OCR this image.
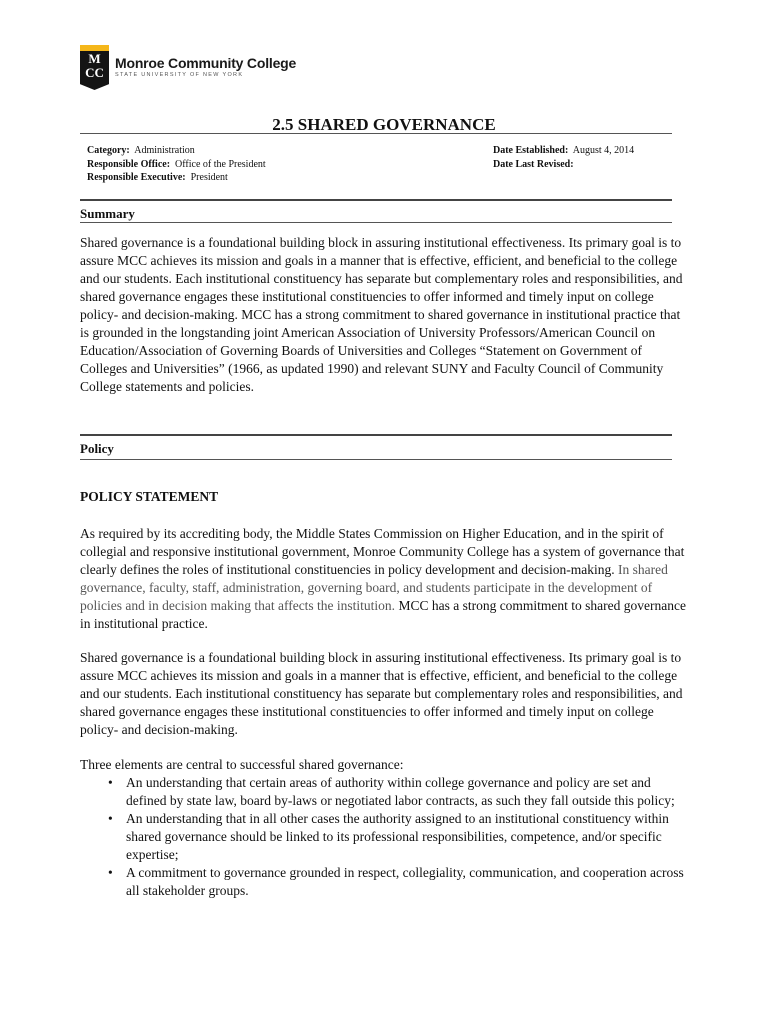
M
CC
Monroe Community College
STATE UNIVERSITY OF NEW YORK
2.5 SHARED GOVERNANCE
Category: Administration
Responsible Office: Office of the President
Responsible Executive: President
Date Established: August 4, 2014
Date Last Revised:
Summary

Shared governance is a foundational building block in assuring institutional effectiveness. Its primary goal is to assure MCC achieves its mission and goals in a manner that is effective, efficient, and beneficial to the college and our students. Each institutional constituency has separate but complementary roles and responsibilities, and shared governance engages these institutional constituencies to offer informed and timely input on college policy- and decision-making. MCC has a strong commitment to shared governance in institutional practice that is grounded in the longstanding joint American Association of University Professors/American Council on Education/Association of Governing Boards of Universities and Colleges “Statement on Government of Colleges and Universities” (1966, as updated 1990) and relevant SUNY and Faculty Council of Community College statements and policies.

Policy
POLICY STATEMENT

As required by its accrediting body, the Middle States Commission on Higher Education, and in the spirit of collegial and responsive institutional government, Monroe Community College has a system of governance that clearly defines the roles of institutional constituencies in policy development and decision-making. In shared governance, faculty, staff, administration, governing board, and students participate in the development of policies and in decision making that affects the institution. MCC has a strong commitment to shared governance in institutional practice.

Shared governance is a foundational building block in assuring institutional effectiveness. Its primary goal is to assure MCC achieves its mission and goals in a manner that is effective, efficient, and beneficial to the college and our students. Each institutional constituency has separate but complementary roles and responsibilities, and shared governance engages these institutional constituencies to offer informed and timely input on college policy- and decision-making.

Three elements are central to successful shared governance:

• An understanding that certain areas of authority within college governance and policy are set and defined by state law, board by-laws or negotiated labor contracts, as such they fall outside this policy;
• An understanding that in all other cases the authority assigned to an institutional constituency within shared governance should be linked to its professional responsibilities, competence, and/or specific expertise;
• A commitment to governance grounded in respect, collegiality, communication, and cooperation across all stakeholder groups.
